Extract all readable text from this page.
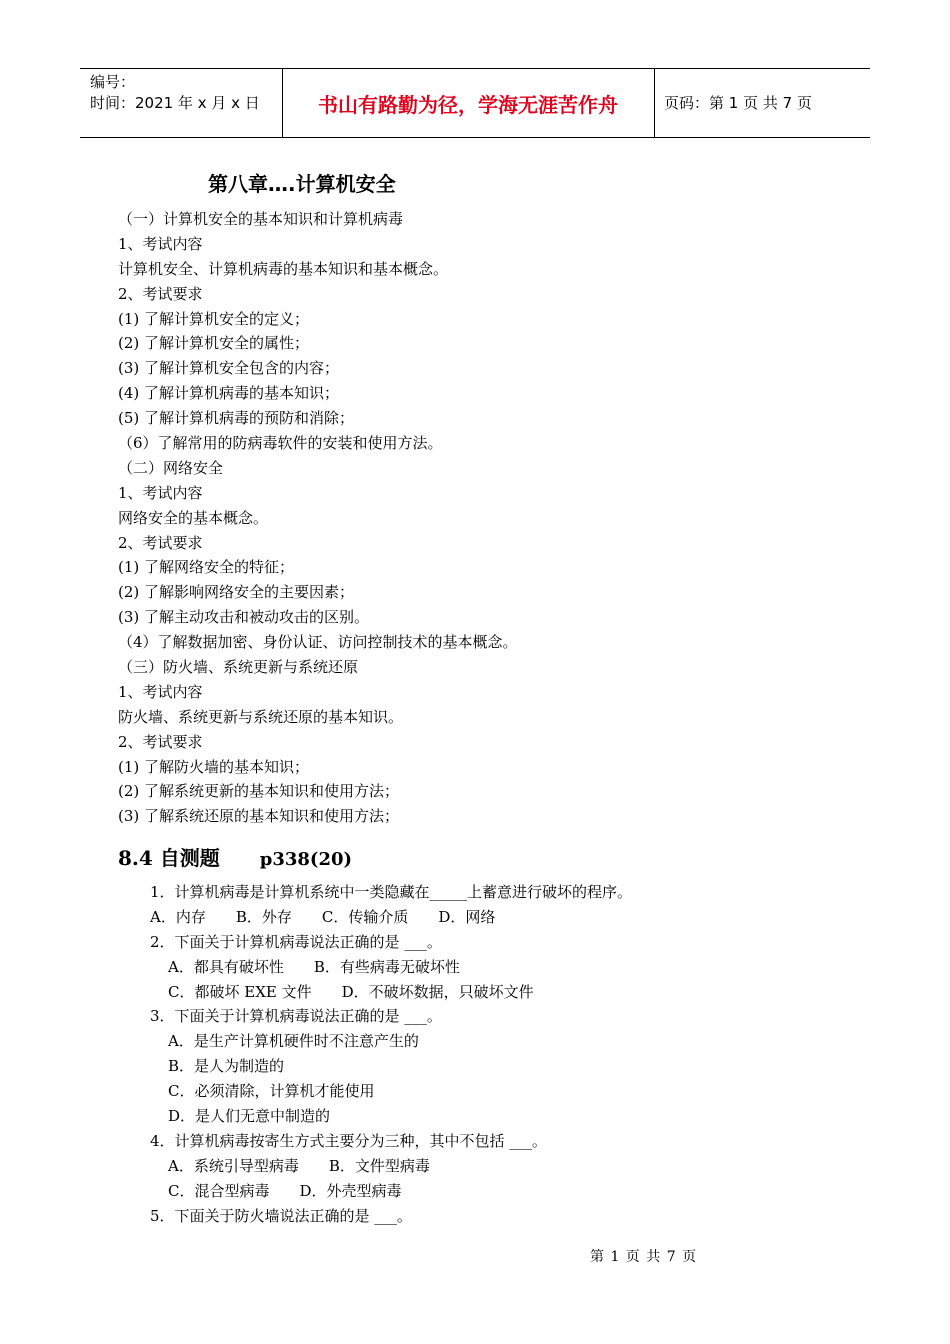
编号：
时间：2021 年 x 月 x 日	书山有路勤为径，学海无涯苦作舟	页码：第 1 页 共 7 页
第八章….计算机安全
（一）计算机安全的基本知识和计算机病毒
1、考试内容
计算机安全、计算机病毒的基本知识和基本概念。
2、考试要求
(1) 了解计算机安全的定义；
(2) 了解计算机安全的属性；
(3) 了解计算机安全包含的内容；
(4) 了解计算机病毒的基本知识；
(5) 了解计算机病毒的预防和消除；
（6）了解常用的防病毒软件的安装和使用方法。
（二）网络安全
1、考试内容
网络安全的基本概念。
2、考试要求
(1) 了解网络安全的特征；
(2) 了解影响网络安全的主要因素；
(3) 了解主动攻击和被动攻击的区别。
（4）了解数据加密、身份认证、访问控制技术的基本概念。
（三）防火墙、系统更新与系统还原
1、考试内容
防火墙、系统更新与系统还原的基本知识。
2、考试要求
(1) 了解防火墙的基本知识；
(2) 了解系统更新的基本知识和使用方法；
(3) 了解系统还原的基本知识和使用方法；
8.4 自测题 p338(20)
1．计算机病毒是计算机系统中一类隐藏在_____上蓄意进行破坏的程序。
A．内存 B．外存 C．传输介质 D．网络
2．下面关于计算机病毒说法正确的是 ___。
A．都具有破坏性 B．有些病毒无破坏性
C．都破坏 EXE 文件 D．不破坏数据，只破坏文件
3．下面关于计算机病毒说法正确的是 ___。
A．是生产计算机硬件时不注意产生的
B．是人为制造的
C．必须清除，计算机才能使用
D．是人们无意中制造的
4．计算机病毒按寄生方式主要分为三种，其中不包括 ___。
A．系统引导型病毒 B．文件型病毒
C．混合型病毒 D．外壳型病毒
5．下面关于防火墙说法正确的是 ___。
第 1 页 共 7 页
